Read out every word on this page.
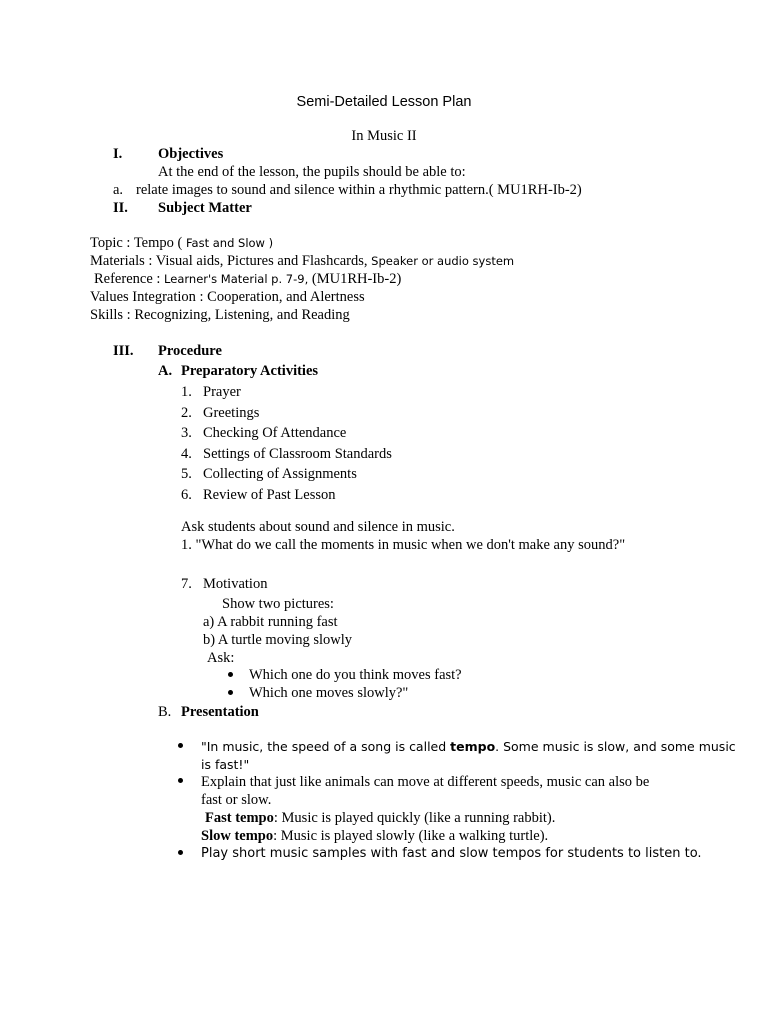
Semi-Detailed Lesson Plan
In Music II
I. Objectives
At the end of the lesson, the pupils should be able to:
a. relate images to sound and silence within a rhythmic pattern.( MU1RH-Ib-2)
II. Subject Matter
Topic : Tempo ( Fast and Slow )
Materials : Visual aids, Pictures and Flashcards, Speaker or audio system
Reference : Learner's Material p. 7-9, (MU1RH-Ib-2)
Values Integration : Cooperation, and Alertness
Skills : Recognizing, Listening, and Reading
III. Procedure
A. Preparatory Activities
1. Prayer
2. Greetings
3. Checking Of Attendance
4. Settings of Classroom Standards
5. Collecting of Assignments
6. Review of Past Lesson
Ask students about sound and silence in music.
1. "What do we call the moments in music when we don't make any sound?"
7. Motivation
Show two pictures:
a) A rabbit running fast
b) A turtle moving slowly
Ask:
Which one do you think moves fast?
Which one moves slowly?"
B. Presentation
"In music, the speed of a song is called tempo. Some music is slow, and some music
is fast!"
Explain that just like animals can move at different speeds, music can also be
fast or slow.
Fast tempo: Music is played quickly (like a running rabbit).
Slow tempo: Music is played slowly (like a walking turtle).
Play short music samples with fast and slow tempos for students to listen to.
